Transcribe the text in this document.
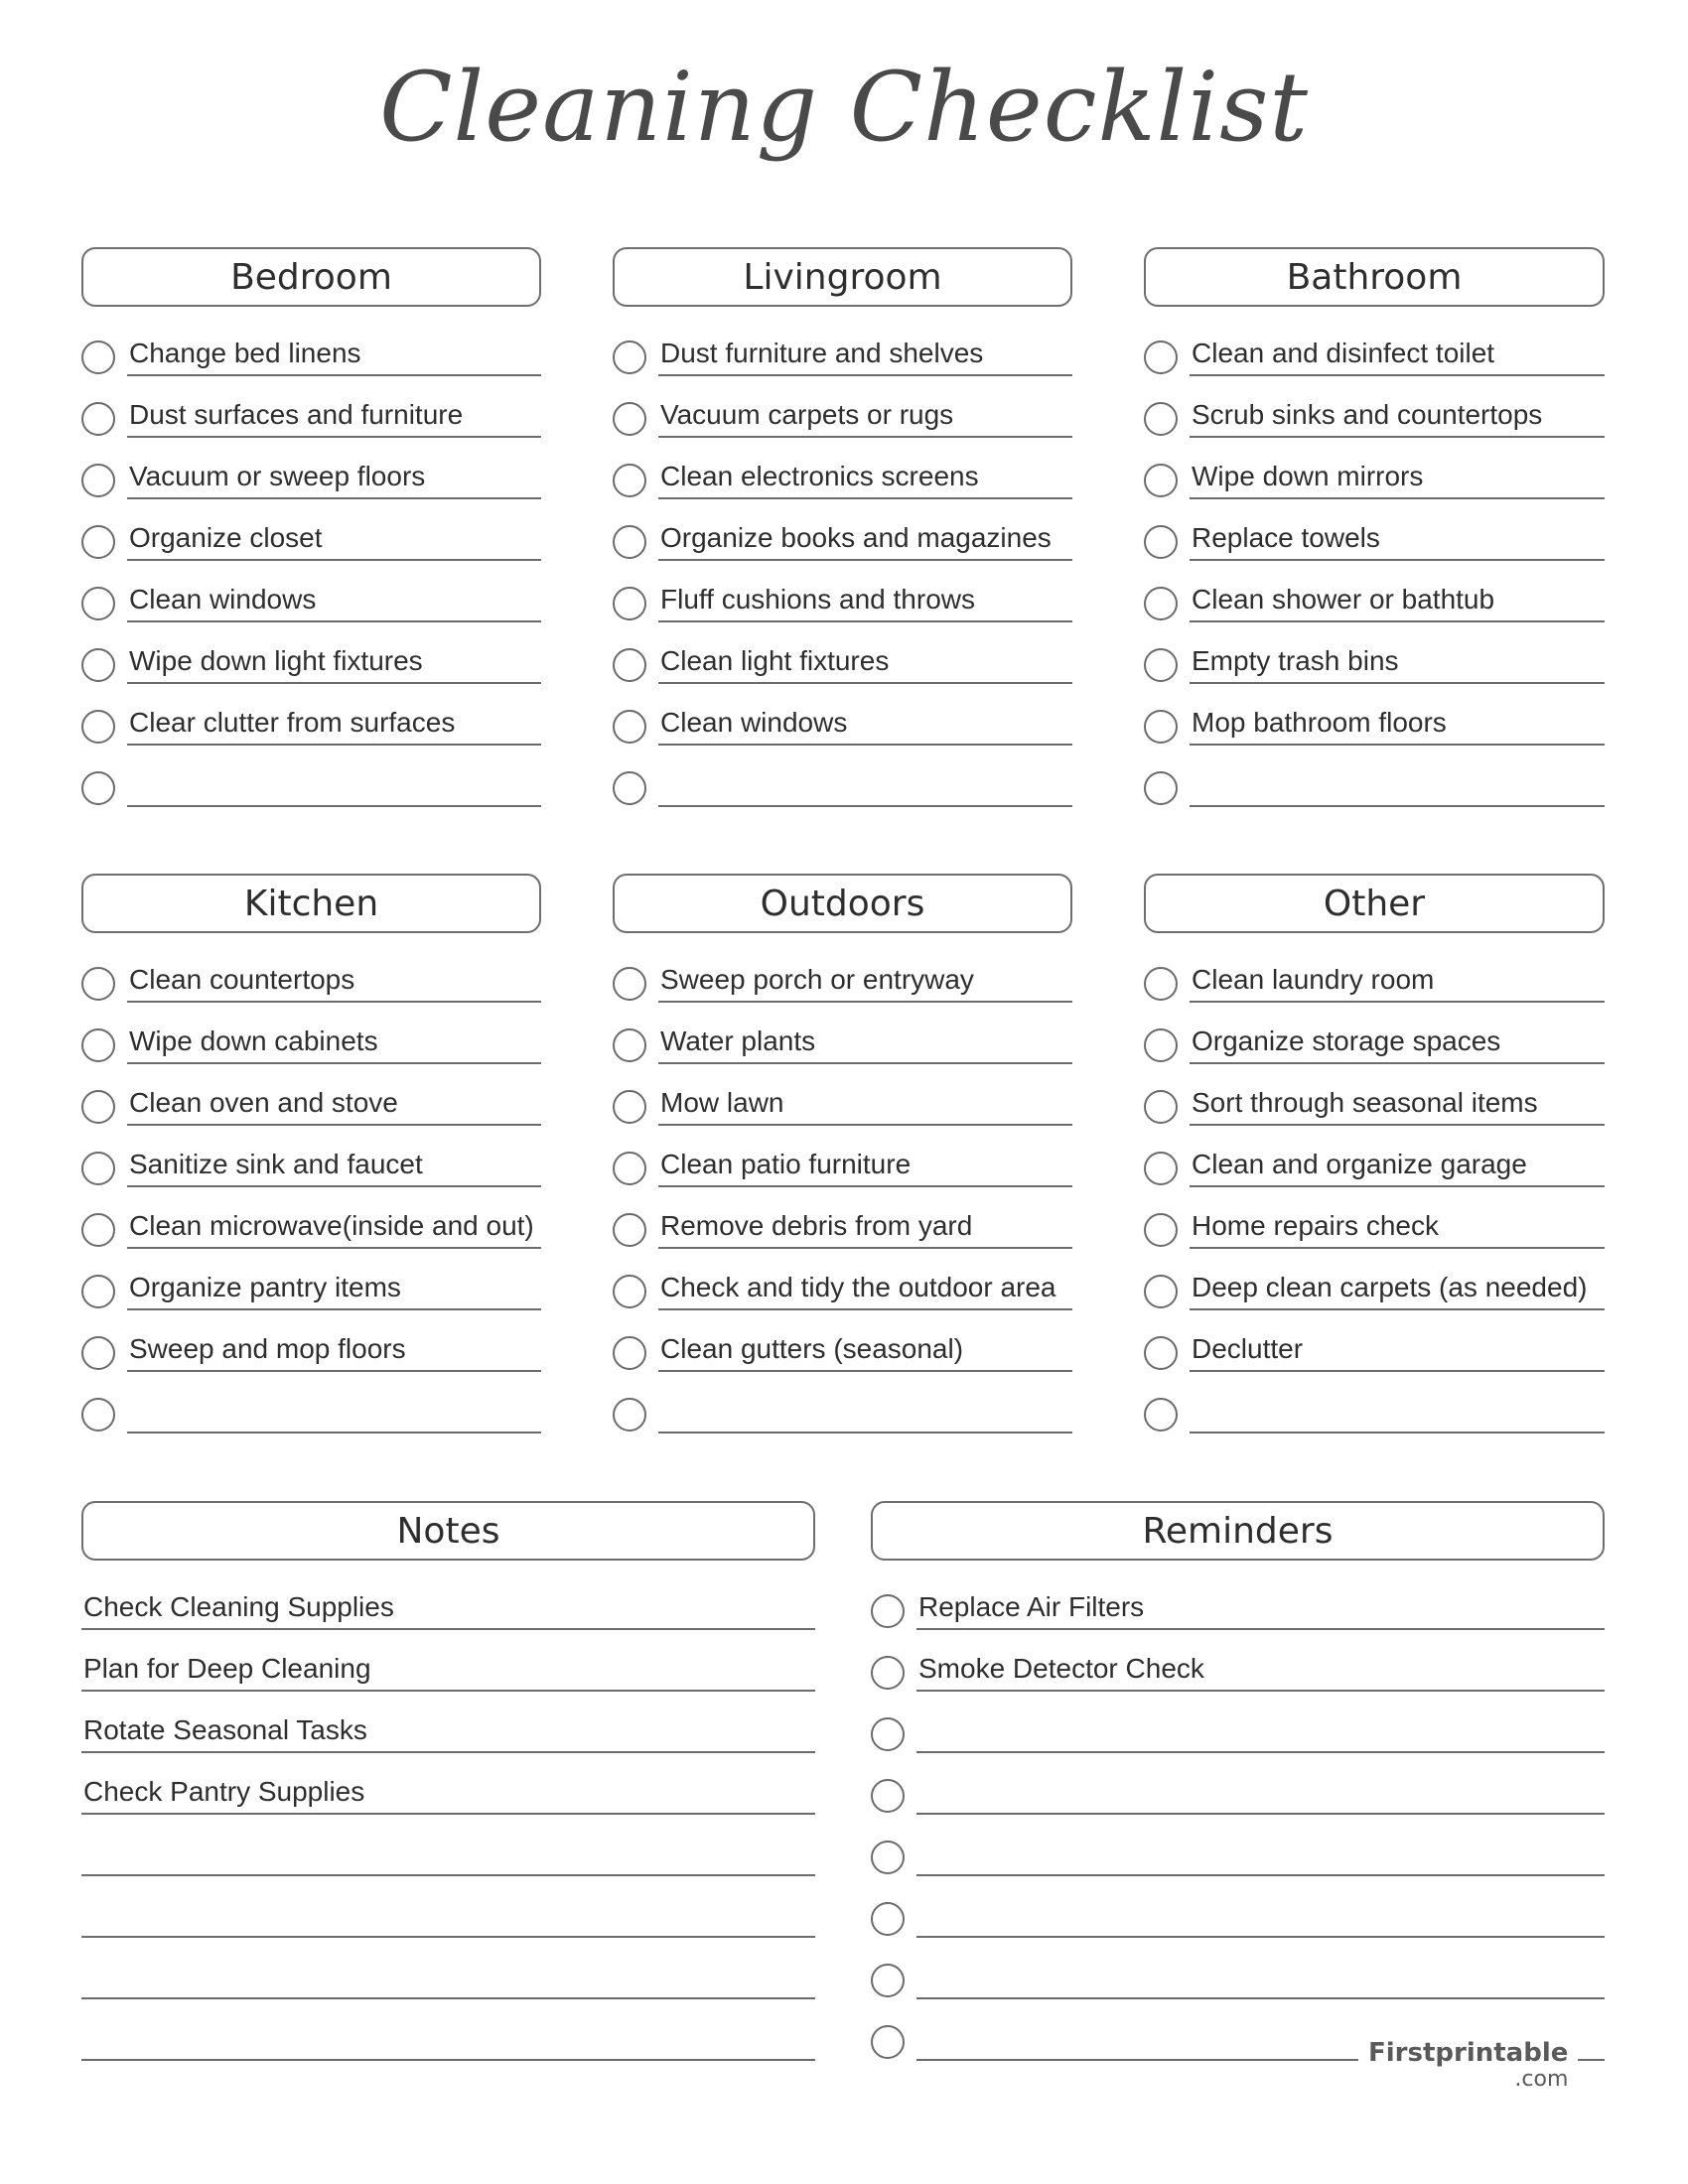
Cleaning Checklist
Bedroom
Change bed linens
Dust surfaces and furniture
Vacuum or sweep floors
Organize closet
Clean windows
Wipe down light fixtures
Clear clutter from surfaces
Livingroom
Dust furniture and shelves
Vacuum carpets or rugs
Clean electronics screens
Organize books and magazines
Fluff cushions and throws
Clean light fixtures
Clean windows
Bathroom
Clean and disinfect toilet
Scrub sinks and countertops
Wipe down mirrors
Replace towels
Clean shower or bathtub
Empty trash bins
Mop bathroom floors
Kitchen
Clean countertops
Wipe down cabinets
Clean oven and stove
Sanitize sink and faucet
Clean microwave(inside and out)
Organize pantry items
Sweep and mop floors
Outdoors
Sweep porch or entryway
Water plants
Mow lawn
Clean patio furniture
Remove debris from yard
Check and tidy the outdoor area
Clean gutters (seasonal)
Other
Clean laundry room
Organize storage spaces
Sort through seasonal items
Clean and organize garage
Home repairs check
Deep clean carpets (as needed)
Declutter
Notes
Check Cleaning Supplies
Plan for Deep Cleaning
Rotate Seasonal Tasks
Check Pantry Supplies
Reminders
Replace Air Filters
Smoke Detector Check
Firstprintable
.com
